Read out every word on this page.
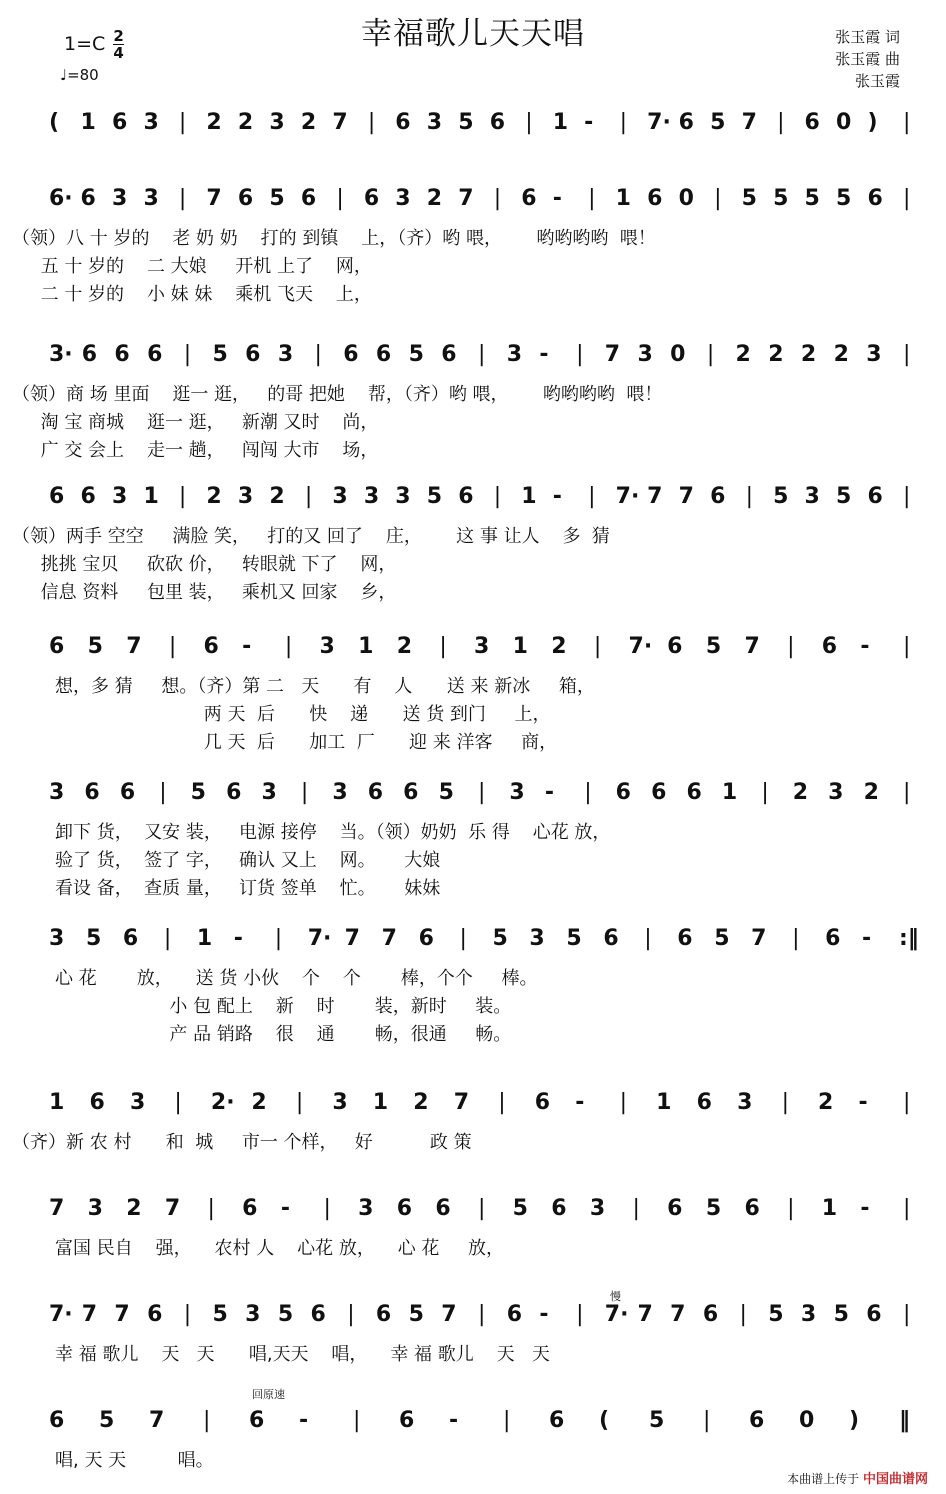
幸福歌儿天天唱
$1=C \frac{2}{4}$
♩=80
张玉霞 词
张玉霞 曲
张玉霞
( 1 6 3 | 2 2 3 2 7 | 6 3 5 6 | 1 - | 7· 6 5 7 | 6 0 ) |
6· 6 3 3 | 7 6 5 6 | 6 3 2 7 | 6 - | 1 6 0 | 5 5 5 5 6 |
（领）八 十 岁的    老 奶 奶    打的 到镇    上，（齐）哟 喂，      哟哟哟哟  喂！
五 十 岁的    二 大娘     开机 上了    网，
二 十 岁的    小 妹 妹    乘机 飞天    上，
3· 6 6 6 | 5 6 3 | 6 6 5 6 | 3 - | 7 3 0 | 2 2 2 2 3 |
（领）商 场 里面    逛一 逛，   的哥 把她    帮，（齐）哟 喂，      哟哟哟哟  喂！
淘 宝 商城    逛一 逛，   新潮 又时    尚，
广 交 会上    走一 趟，   闯闯 大市    场，
6 6 3 1 | 2 3 2 | 3 3 3 5 6 | 1 - | 7· 7 7 6 | 5 3 5 6 |
（领）两手 空空     满脸 笑，   打的又 回了    庄，      这 事 让人    多  猜
挑挑 宝贝     砍砍 价，   转眼就 下了    网，
信息 资料     包里 装，   乘机又 回家    乡，
6 5 7 | 6 - | 3 1 2 | 3 1 2 | 7· 6 5 7 | 6 - |
想，多 猜     想。（齐）第 二   天      有    人      送 来 新冰     箱，
两 天  后      快    递      送 货 到门     上，
几 天  后      加工  厂      迎 来 洋客     商，
3 6 6 | 5 6 3 | 3 6 6 5 | 3 - | 6 6 6 1 | 2 3 2 |
卸下 货，  又安 装，   电源 接停    当。（领）奶奶  乐 得    心花 放，
验了 货，  签了 字，   确认 又上    网。     大娘
看设 备，  查质 量，   订货 签单    忙。     妹妹
3 5 6 | 1 - | 7· 7 7 6 | 5 3 5 6 | 6 5 7 | 6 - :‖
心 花       放，    送 货 小伙    个    个       棒，个个     棒。
小 包 配上    新    时       装，新时     装。
产 品 销路    很    通       畅，很通     畅。
1 6 3 | 2· 2 | 3 1 2 7 | 6 - | 1 6 3 | 2 - |
（齐）新 农 村      和  城     市一 个样，   好          政 策
7 3 2 7 | 6 - | 3 6 6 | 5 6 3 | 6 5 6 | 1 - |
富国 民自    强，    农村 人    心花 放，    心 花     放，
7· 7 7 6 | 5 3 5 6 | 6 5 7 | 6 - | 7· 7 7 6 | 5 3 5 6 |
幸 福 歌儿    天   天      唱,天天    唱，    幸 福 歌儿    天   天
6 5 7 | 6 - | 6 - | 6 ( 5 | 6 0 ) ‖
唱, 天 天         唱。
慢
回原速
本曲谱上传于 中国曲谱网
